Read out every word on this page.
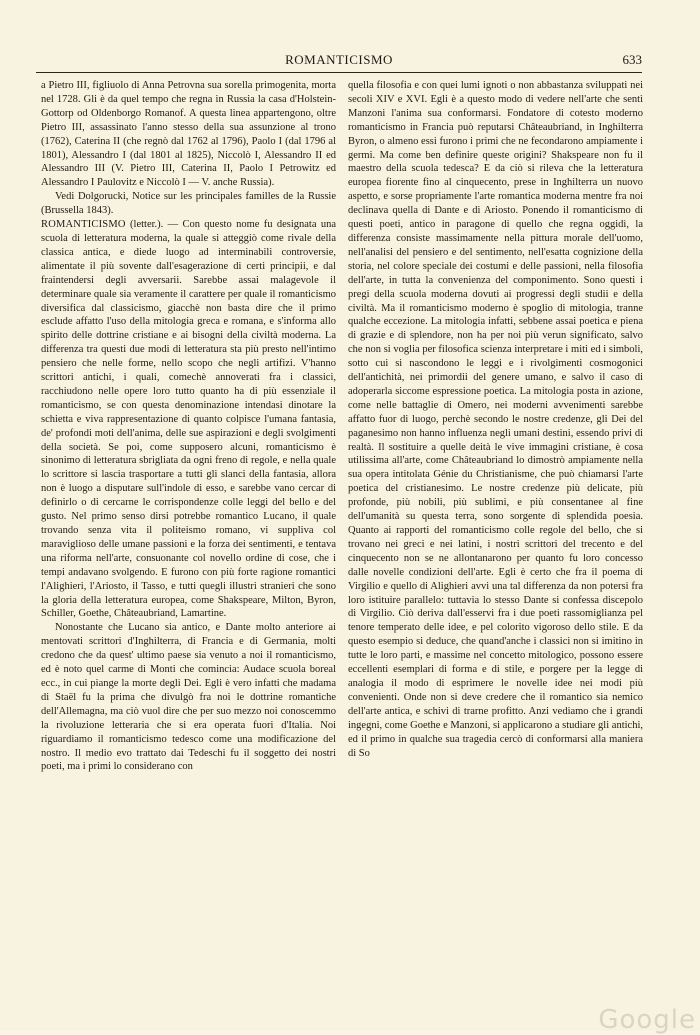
ROMANTICISMO	633

a Pietro III, figliuolo di Anna Petrovna sua sorella primogenita, morta nel 1728. Gli è da quel tempo che regna in Russia la casa d'Holstein-Gottorp od Oldenborgo Romanof. A questa linea appartengono, oltre Pietro III, assassinato l'anno stesso della sua assunzione al trono (1762), Caterina II (che regnò dal 1762 al 1796), Paolo I (dal 1796 al 1801), Alessandro I (dal 1801 al 1825), Niccolò I, Alessandro II ed Alessandro III (V. Pietro III, Caterina II, Paolo I Petrowitz ed Alessandro I Paulovitz e Niccolò I — V. anche Russia).

Vedi Dolgorucki, Notice sur les principales familles de la Russie (Brussella 1843).

ROMANTICISMO (letter.). — Con questo nome fu designata una scuola di letteratura moderna, la quale si atteggiò come rivale della classica antica, e diede luogo ad interminabili controversie, alimentate il più sovente dall'esagerazione di certi principii, e dal fraintendersi degli avversarii. Sarebbe assai malagevole il determinare quale sia veramente il carattere per quale il romanticismo diversifica dal classicismo, giacchè non basta dire che il primo esclude affatto l'uso della mitologia greca e romana, e s'informa allo spirito delle dottrine cristiane e ai bisogni della civiltà moderna. La differenza tra questi due modi di letteratura sta più presto nell'intimo pensiero che nelle forme, nello scopo che negli artifizi. V'hanno scrittori antichi, i quali, comechè annoverati fra i classici, racchiudono nelle opere loro tutto quanto ha di più essenziale il romanticismo, se con questa denominazione intendasi dinotare la schietta e viva rappresentazione di quanto colpisce l'umana fantasia, de' profondi moti dell'anima, delle sue aspirazioni e degli svolgimenti della società. Se poi, come supposero alcuni, romanticismo è sinonimo di letteratura sbrigliata da ogni freno di regole, e nella quale lo scrittore si lascia trasportare a tutti gli slanci della fantasia, allora non è luogo a disputare sull'indole di esso, e sarebbe vano cercar di definirlo o di cercarne le corrispondenze colle leggi del bello e del gusto. Nel primo senso dirsi potrebbe romantico Lucano, il quale trovando senza vita il politeismo romano, vi suppliva col maraviglioso delle umane passioni e la forza dei sentimenti, e tentava una riforma nell'arte, consuonante col novello ordine di cose, che i tempi andavano svolgendo. E furono con più forte ragione romantici l'Alighieri, l'Ariosto, il Tasso, e tutti quegli illustri stranieri che sono la gloria della letteratura europea, come Shakspeare, Milton, Byron, Schiller, Goethe, Châteaubriand, Lamartine.

Nonostante che Lucano sia antico, e Dante molto anteriore ai mentovati scrittori d'Inghilterra, di Francia e di Germania, molti credono che da quest' ultimo paese sia venuto a noi il romanticismo, ed è noto quel carme di Monti che comincia: Audace scuola boreal ecc., in cui piange la morte degli Dei. Egli è vero infatti che madama di Staël fu la prima che divulgò fra noi le dottrine romantiche dell'Allemagna, ma ciò vuol dire che per suo mezzo noi conoscemmo la rivoluzione letteraria che si era operata fuori d'Italia. Noi riguardiamo il romanticismo tedesco come una modificazione del nostro. Il medio evo trattato dai Tedeschi fu il soggetto dei nostri poeti, ma i primi lo considerano con

quella filosofia e con quei lumi ignoti o non abbastanza sviluppati nei secoli XIV e XVI. Egli è a questo modo di vedere nell'arte che sentì Manzoni l'anima sua conformarsi. Fondatore di cotesto moderno romanticismo in Francia può reputarsi Châteaubriand, in Inghilterra Byron, o almeno essi furono i primi che ne fecondarono ampiamente i germi. Ma come ben definire queste origini? Shakspeare non fu il maestro della scuola tedesca? E da ciò si rileva che la letteratura europea fiorente fino al cinquecento, prese in Inghilterra un nuovo aspetto, e sorse propriamente l'arte romantica moderna mentre fra noi declinava quella di Dante e di Ariosto. Ponendo il romanticismo di questi poeti, antico in paragone di quello che regna oggidì, la differenza consiste massimamente nella pittura morale dell'uomo, nell'analisi del pensiero e del sentimento, nell'esatta cognizione della storia, nel colore speciale dei costumi e delle passioni, nella filosofia dell'arte, in tutta la convenienza del componimento. Sono questi i pregi della scuola moderna dovuti ai progressi degli studii e della civiltà. Ma il romanticismo moderno è spoglio di mitologia, tranne qualche eccezione. La mitologia infatti, sebbene assai poetica e piena di grazie e di splendore, non ha per noi più verun significato, salvo che non si voglia per filosofica scienza interpretare i miti ed i simboli, sotto cui si nascondono le leggi e i rivolgimenti cosmogonici dell'antichità, nei primordii del genere umano, e salvo il caso di adoperarla siccome espressione poetica. La mitologia posta in azione, come nelle battaglie di Omero, nei moderni avvenimenti sarebbe affatto fuor di luogo, perchè secondo le nostre credenze, gli Dei del paganesimo non hanno influenza negli umani destini, essendo privi di realtà. Il sostituire a quelle deità le vive immagini cristiane, è cosa utilissima all'arte, come Châteaubriand lo dimostrò ampiamente nella sua opera intitolata Génie du Christianisme, che può chiamarsi l'arte poetica del cristianesimo. Le nostre credenze più delicate, più profonde, più nobili, più sublimi, e più consentanee al fine dell'umanità su questa terra, sono sorgente di splendida poesia. Quanto ai rapporti del romanticismo colle regole del bello, che si trovano nei greci e nei latini, i nostri scrittori del trecento e del cinquecento non se ne allontanarono per quanto fu loro concesso dalle novelle condizioni dell'arte. Egli è certo che fra il poema di Virgilio e quello di Alighieri avvi una tal differenza da non potersi fra loro istituire parallelo: tuttavia lo stesso Dante si confessa discepolo di Virgilio. Ciò deriva dall'esservi fra i due poeti rassomiglianza pel tenore temperato delle idee, e pel colorito vigoroso dello stile. E da questo esempio si deduce, che quand'anche i classici non si imitino in tutte le loro parti, e massime nel concetto mitologico, possono essere eccellenti esemplari di forma e di stile, e porgere per la legge di analogia il modo di esprimere le novelle idee nei modi più convenienti. Onde non si deve credere che il romantico sia nemico dell'arte antica, e schivi di trarne profitto. Anzi vediamo che i grandi ingegni, come Goethe e Manzoni, si applicarono a studiare gli antichi, ed il primo in qualche sua tragedia cercò di conformarsi alla maniera di So

Google
